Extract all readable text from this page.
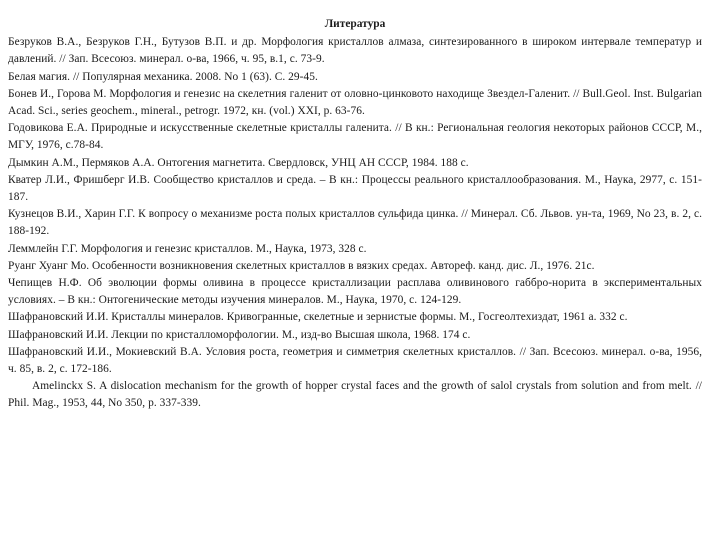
Литература

Безруков В.А., Безруков Г.Н., Бутузов В.П. и др. Морфология кристаллов алмаза, синтезированного в широком интервале температур и давлений. // Зап. Всесоюз. минерал. о-ва, 1966, ч. 95, в.1, с. 73-9.

Белая магия. // Популярная механика. 2008. No 1 (63). С. 29-45.

Бонев И., Горова М. Морфология и генезис на скелетния галенит от оловно-цинковото находище Звездел-Галенит. // Bull.Geol. Inst. Bulgarian Acad. Sci., series geochem., mineral., petrogr. 1972, кн. (vol.) XXI, p. 63-76.

Годовикова Е.А. Природные и искусственные скелетные кристаллы галенита. // В кн.: Региональная геология некоторых районов СССР, М., МГУ, 1976, с.78-84.

Дымкин А.М., Пермяков А.А. Онтогения магнетита. Свердловск, УНЦ АН СССР, 1984. 188 с.

Кватер Л.И., Фришберг И.В. Сообщество кристаллов и среда. – В кн.: Процессы реального кристаллообразования. М., Наука, 2977, с. 151-187.

Кузнецов В.И., Харин Г.Г. К вопросу о механизме роста полых кристаллов сульфида цинка. // Минерал. Сб. Львов. ун-та, 1969, No 23, в. 2, с. 188-192.

Леммлейн Г.Г. Морфология и генезис кристаллов. М., Наука, 1973, 328 с.

Руанг Хуанг Мо. Особенности возникновения скелетных кристаллов в вязких средах. Автореф. канд. дис. Л., 1976. 21с.

Чепищев Н.Ф. Об эволюции формы оливина в процессе кристаллизации расплава оливинового габбро-норита в экспериментальных условиях. – В кн.: Онтогенические методы изучения минералов. М., Наука, 1970, с. 124-129.

Шафрановский И.И. Кристаллы минералов. Кривогранные, скелетные и зернистые формы. М., Госгеолтехиздат, 1961 а. 332 с.

Шафрановский И.И. Лекции по кристалломорфологии. М., изд-во Высшая школа, 1968. 174 с.

Шафрановский И.И., Мокиевский В.А. Условия роста, геометрия и симметрия скелетных кристаллов. // Зап. Всесоюз. минерал. о-ва, 1956, ч. 85, в. 2, с. 172-186.

Amelinckx S. A dislocation mechanism for the growth of hopper crystal faces and the growth of salol crystals from solution and from melt. // Phil. Mag., 1953, 44, No 350, p. 337-339.
